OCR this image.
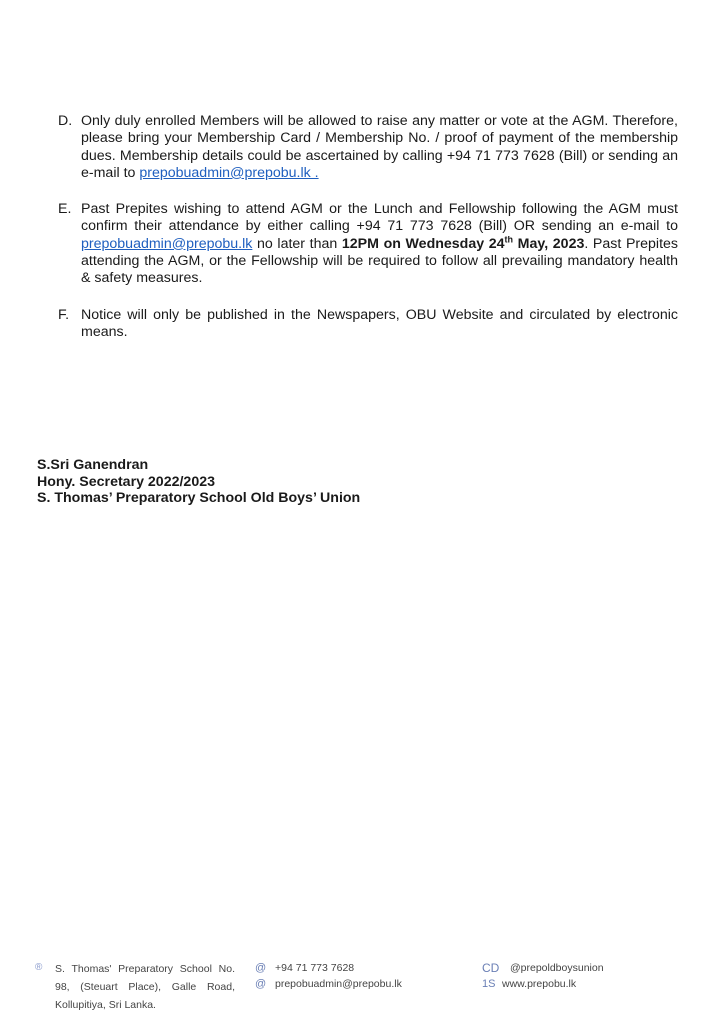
D. Only duly enrolled Members will be allowed to raise any matter or vote at the AGM. Therefore, please bring your Membership Card / Membership No. / proof of payment of the membership dues. Membership details could be ascertained by calling +94 71 773 7628 (Bill) or sending an e-mail to prepobuadmin@prepobu.lk .
E. Past Prepites wishing to attend AGM or the Lunch and Fellowship following the AGM must confirm their attendance by either calling +94 71 773 7628 (Bill) OR sending an e-mail to prepobuadmin@prepobu.lk no later than 12PM on Wednesday 24th May, 2023. Past Prepites attending the AGM, or the Fellowship will be required to follow all prevailing mandatory health & safety measures.
F. Notice will only be published in the Newspapers, OBU Website and circulated by electronic means.
S.Sri Ganendran
Hony. Secretary 2022/2023
S. Thomas’ Preparatory School Old Boys’ Union
® S. Thomas' Preparatory School No. 98, (Steuart Place), Galle Road, Kollupitiya, Sri Lanka.
@ +94 71 773 7628
@ prepobuadmin@prepobu.lk
CD	@prepoldboysunion
1S www.prepobu.lk
